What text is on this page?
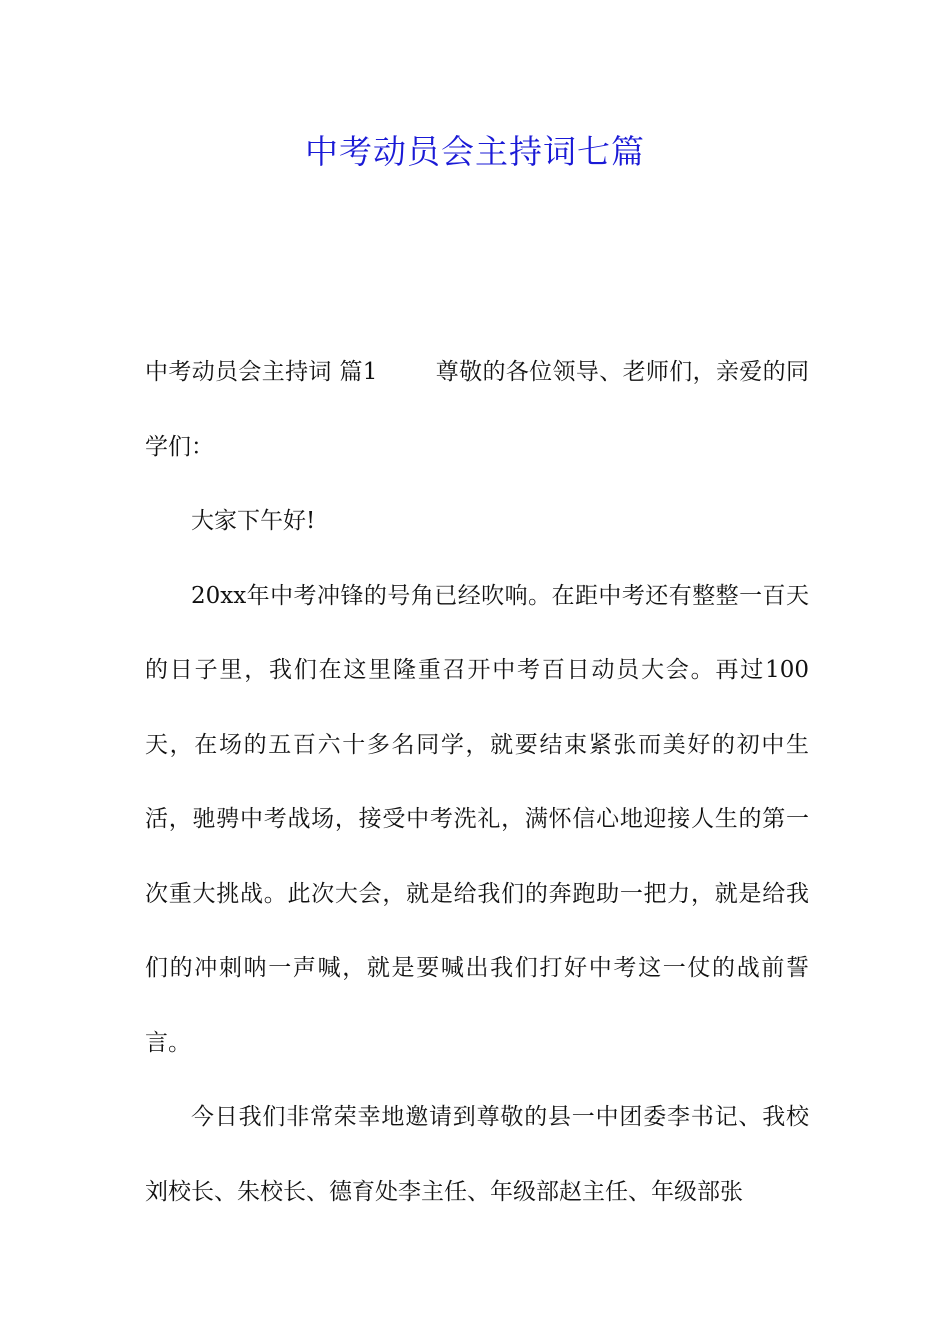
中考动员会主持词七篇

中考动员会主持词 篇1	尊敬的各位领导、老师们，亲爱的同学们：

大家下午好!

20xx年中考冲锋的号角已经吹响。在距中考还有整整一百天的日子里，我们在这里隆重召开中考百日动员大会。再过100天，在场的五百六十多名同学，就要结束紧张而美好的初中生活，驰骋中考战场，接受中考洗礼，满怀信心地迎接人生的第一次重大挑战。此次大会，就是给我们的奔跑助一把力，就是给我们的冲刺呐一声喊，就是要喊出我们打好中考这一仗的战前誓言。

今日我们非常荣幸地邀请到尊敬的县一中团委李书记、我校刘校长、朱校长、德育处李主任、年级部赵主任、年级部张
